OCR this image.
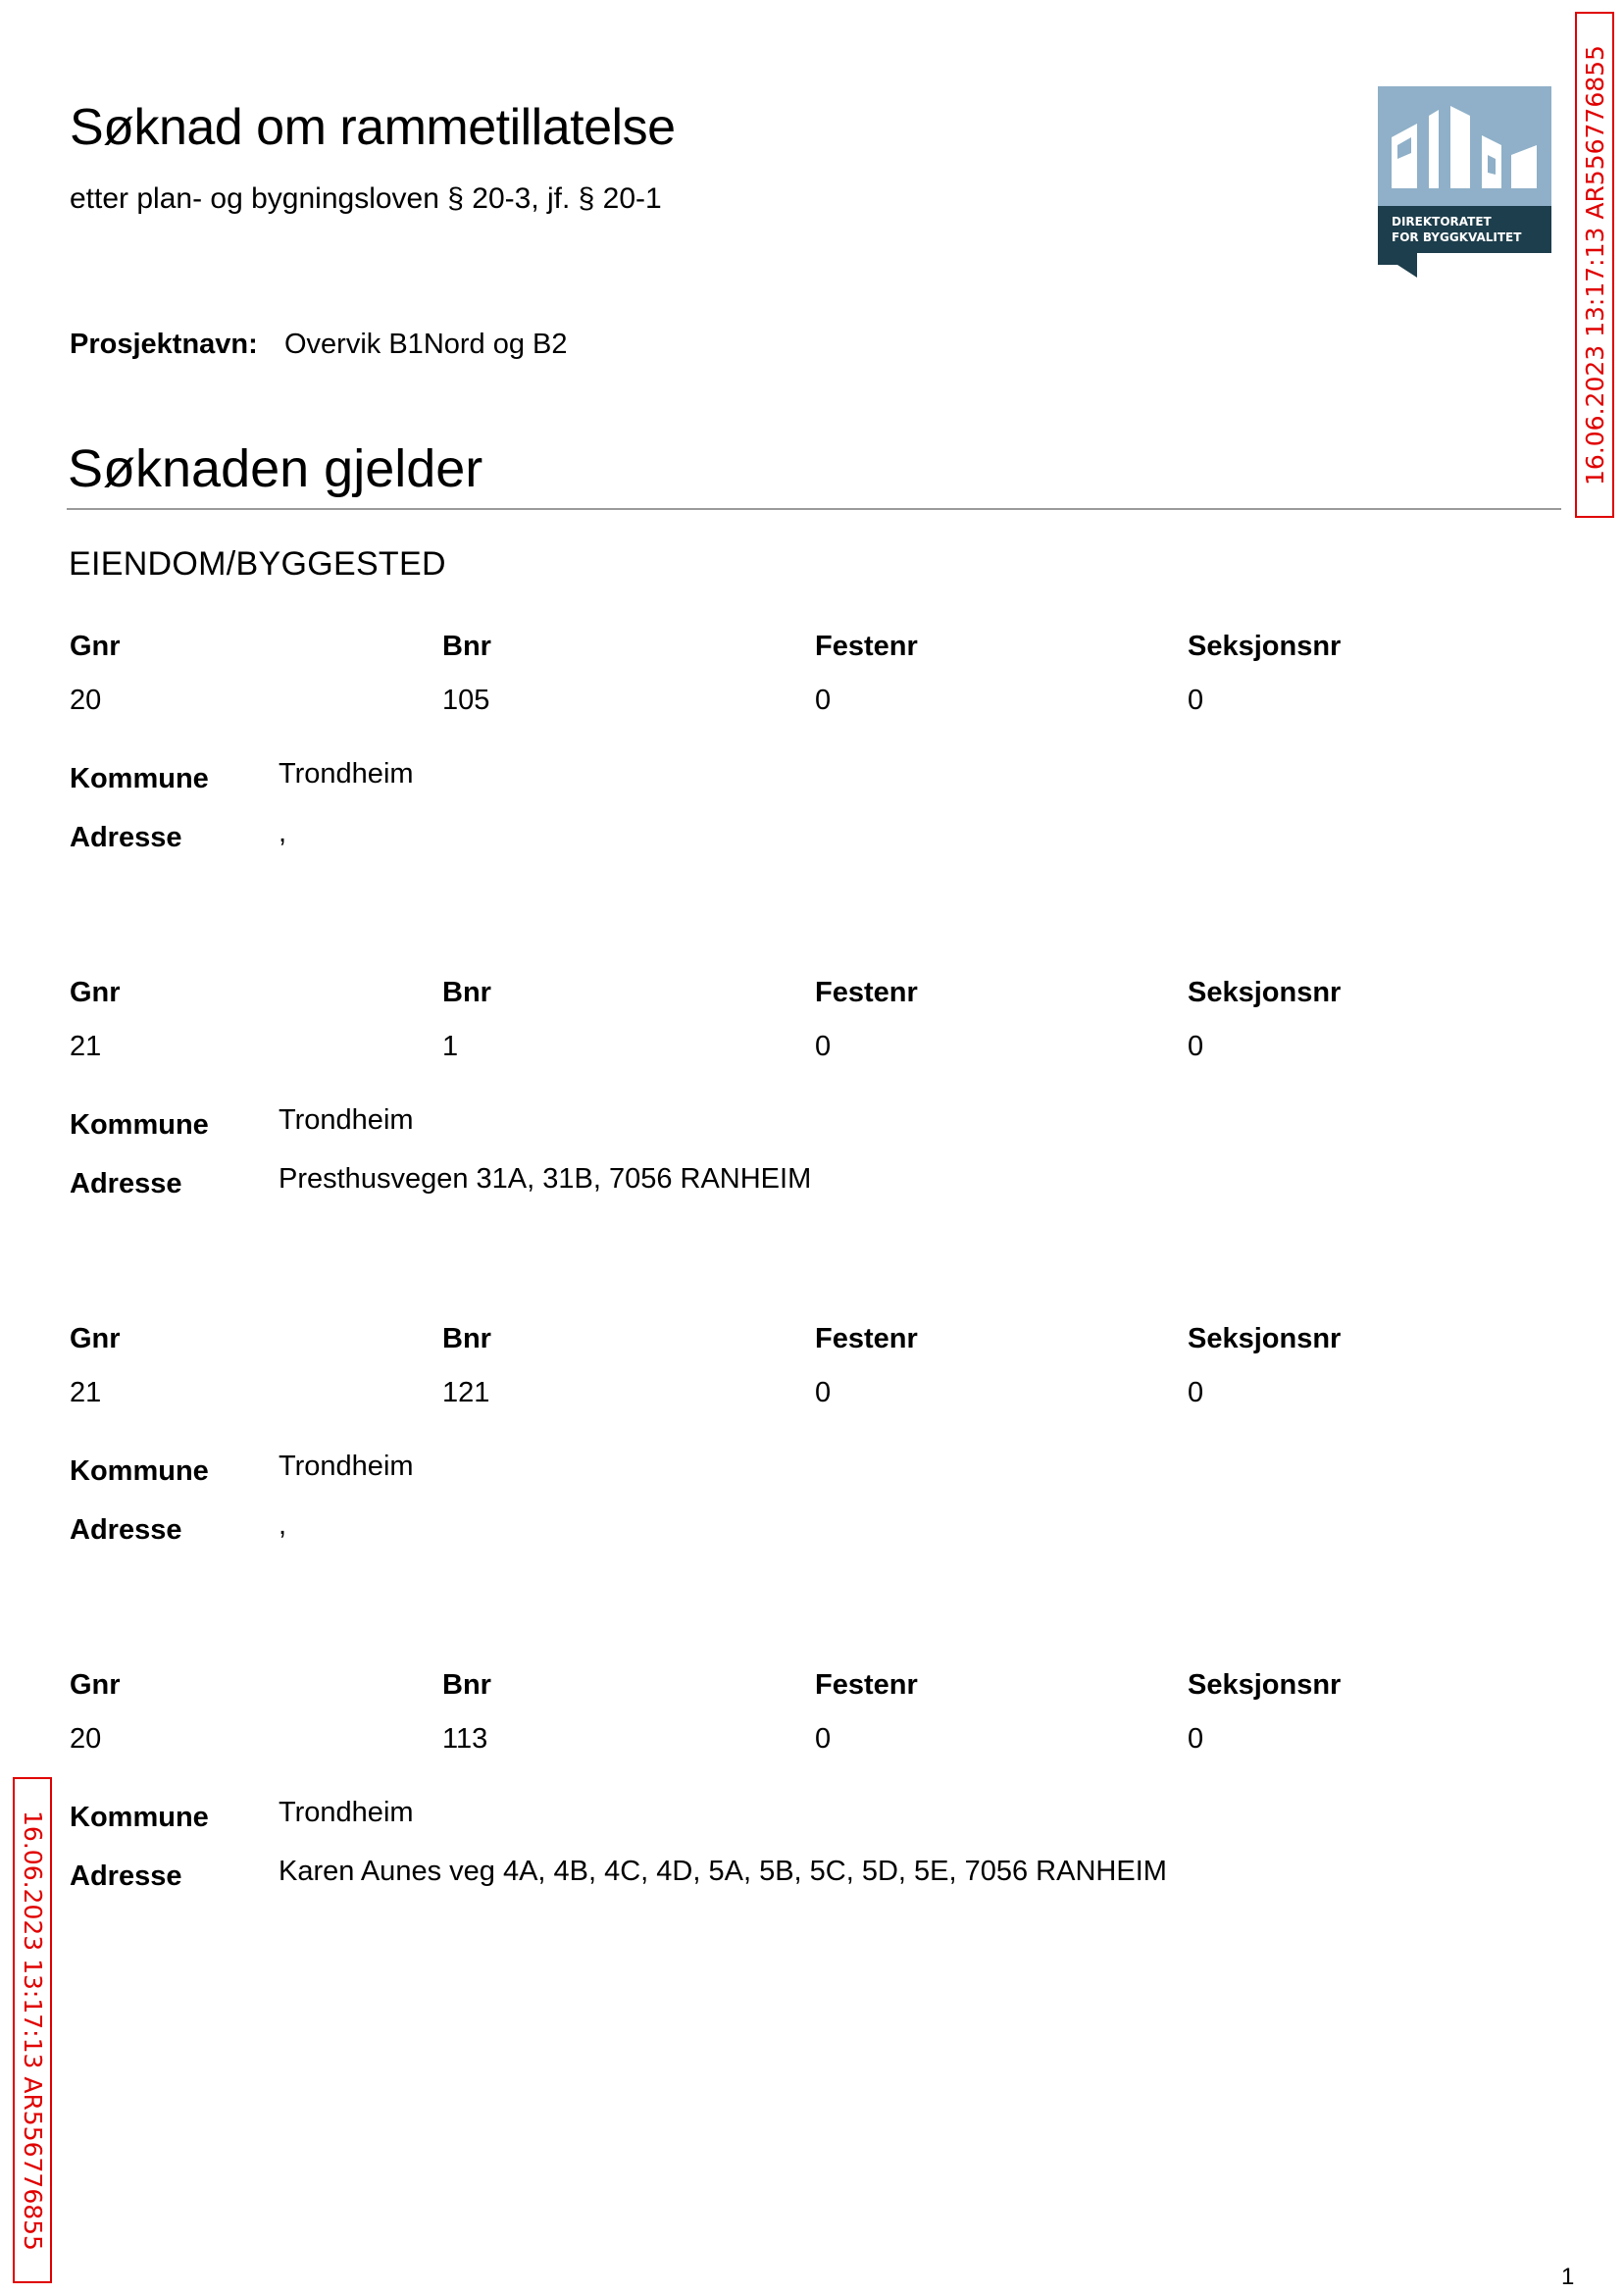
Søknad om rammetillatelse

etter plan- og bygningsloven § 20-3, jf. § 20-1

DIREKTORATET
FOR BYGGKVALITET 16.06.2023 13:17:13 AR556776855
16.06.2023 13:17:13 AR556776855
Prosjektnavn: Overvik B1Nord og B2
Søknaden gjelder
EIENDOM/BYGGESTED
Gnr	Bnr	Festenr	Seksjonsnr
20	105	0	0
Kommune Trondheim
Adresse	,
Gnr	Bnr	Festenr	Seksjonsnr
21	1	0	0
Kommune Trondheim
Adresse	Presthusvegen 31A, 31B, 7056 RANHEIM
Gnr	Bnr	Festenr	Seksjonsnr
21	121	0	0
Kommune Trondheim
Adresse	,
Gnr	Bnr	Festenr	Seksjonsnr
20	113	0	0
Kommune Trondheim
Adresse	Karen Aunes veg 4A, 4B, 4C, 4D, 5A, 5B, 5C, 5D, 5E, 7056 RANHEIM
1
